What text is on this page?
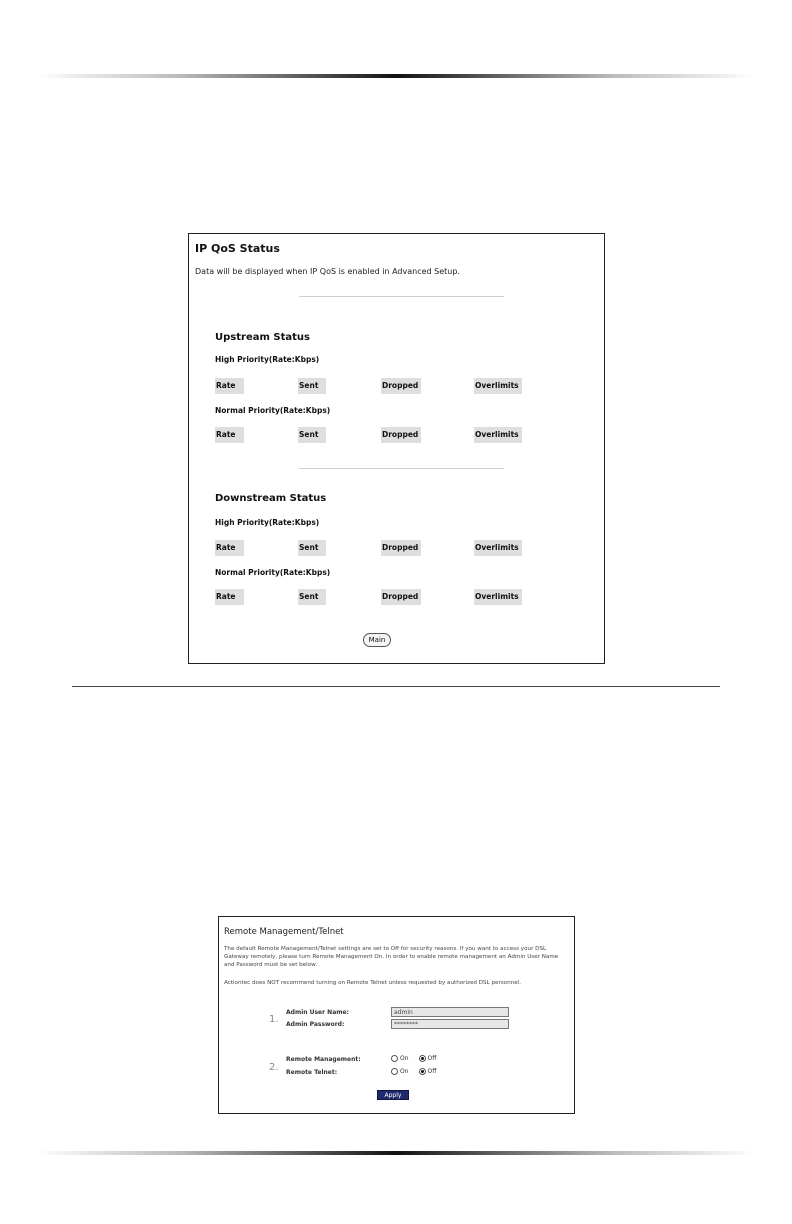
IP QoS Status
Data will be displayed when IP QoS is enabled in Advanced Setup.
Upstream Status
High Priority(Rate:Kbps)
Rate	Sent	Dropped	Overlimits
Normal Priority(Rate:Kbps)
Rate	Sent	Dropped	Overlimits
Downstream Status
High Priority(Rate:Kbps)
Rate	Sent	Dropped	Overlimits
Normal Priority(Rate:Kbps)
Rate	Sent	Dropped	Overlimits
Main
Remote Management/Telnet
The default Remote Management/Telnet settings are set to Off for security reasons. If you want to access your DSL Gateway remotely, please turn Remote Management On. In order to enable remote management an Admin User Name and Password must be set below.
Actiontec does NOT recommend turning on Remote Telnet unless requested by authorized DSL personnel.
1.
Admin User Name:
admin
Admin Password:
********
2.
Remote Management:	On	Off
Remote Telnet:	On	Off
Apply
